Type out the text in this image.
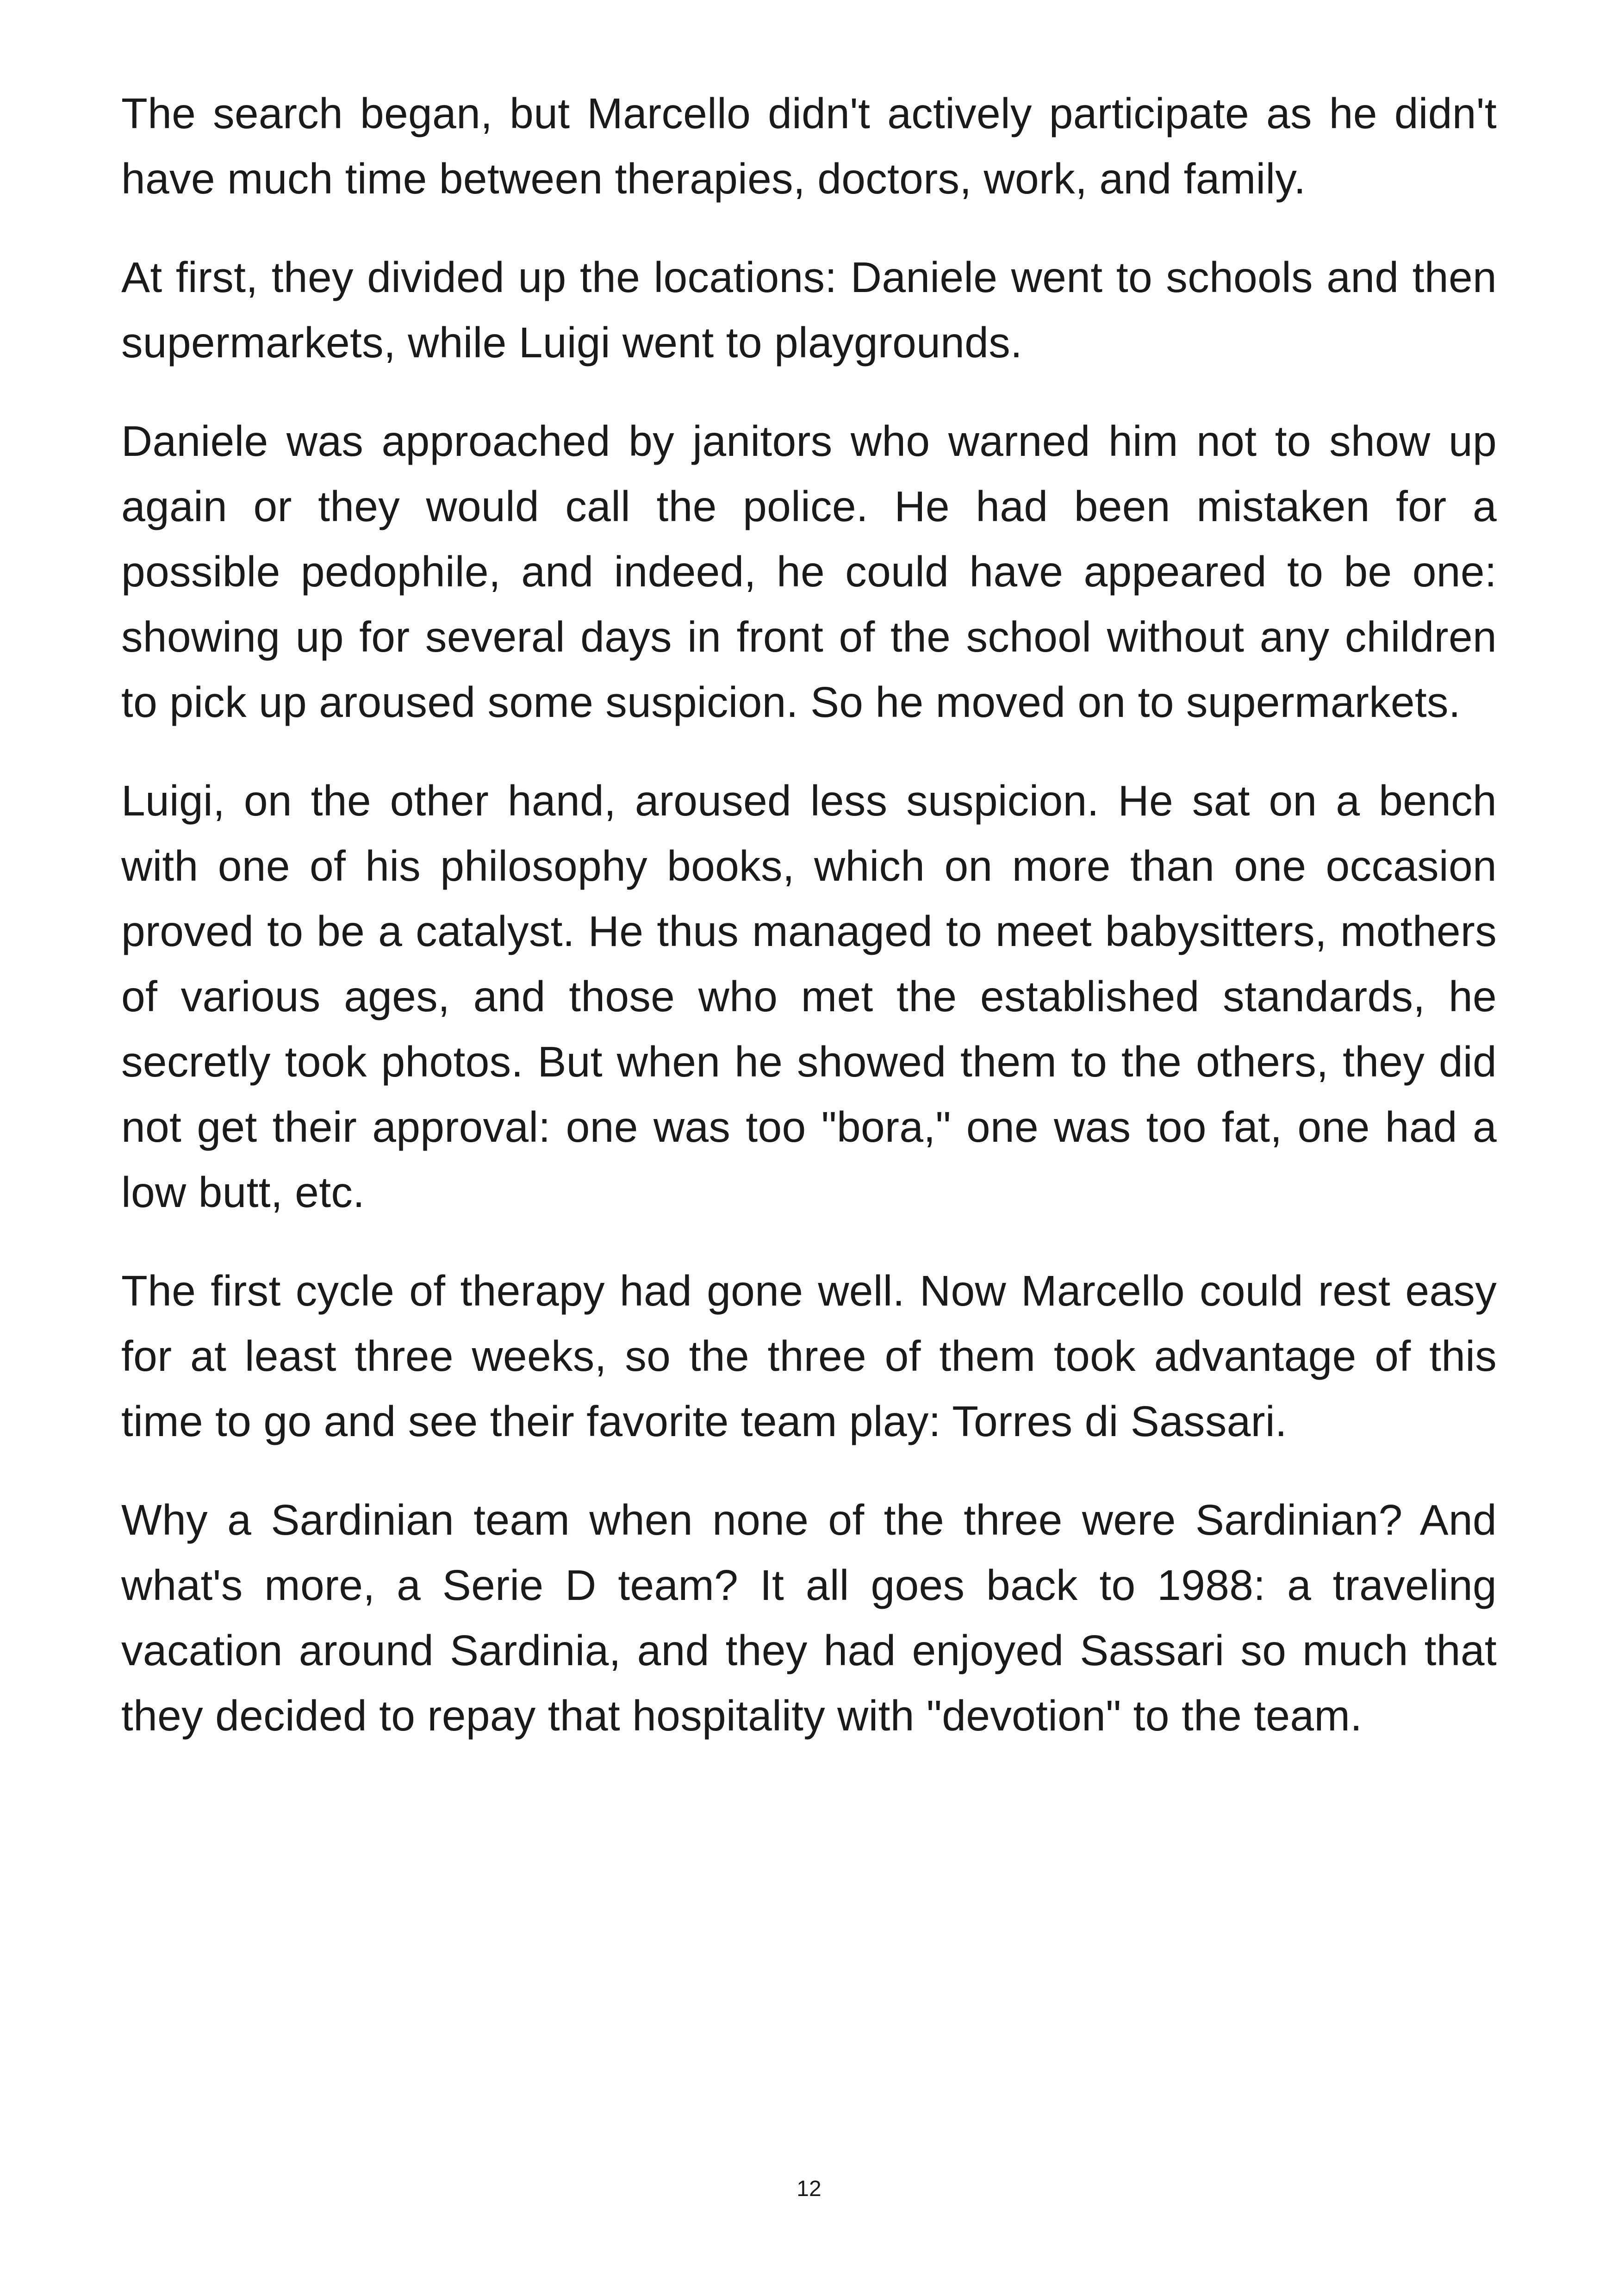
The search began, but Marcello didn't actively participate as he didn't have much time between therapies, doctors, work, and family.

At first, they divided up the locations: Daniele went to schools and then supermarkets, while Luigi went to playgrounds.

Daniele was approached by janitors who warned him not to show up again or they would call the police. He had been mistaken for a possible pedophile, and indeed, he could have appeared to be one: showing up for several days in front of the school without any children to pick up aroused some suspicion. So he moved on to supermarkets.

Luigi, on the other hand, aroused less suspicion. He sat on a bench with one of his philosophy books, which on more than one occasion proved to be a catalyst. He thus managed to meet babysitters, mothers of various ages, and those who met the established standards, he secretly took photos. But when he showed them to the others, they did not get their approval: one was too "bora," one was too fat, one had a low butt, etc.

The first cycle of therapy had gone well. Now Marcello could rest easy for at least three weeks, so the three of them took advantage of this time to go and see their favorite team play: Torres di Sassari.

Why a Sardinian team when none of the three were Sardinian? And what's more, a Serie D team? It all goes back to 1988: a traveling vacation around Sardinia, and they had enjoyed Sassari so much that they decided to repay that hospitality with "devotion" to the team.

12
